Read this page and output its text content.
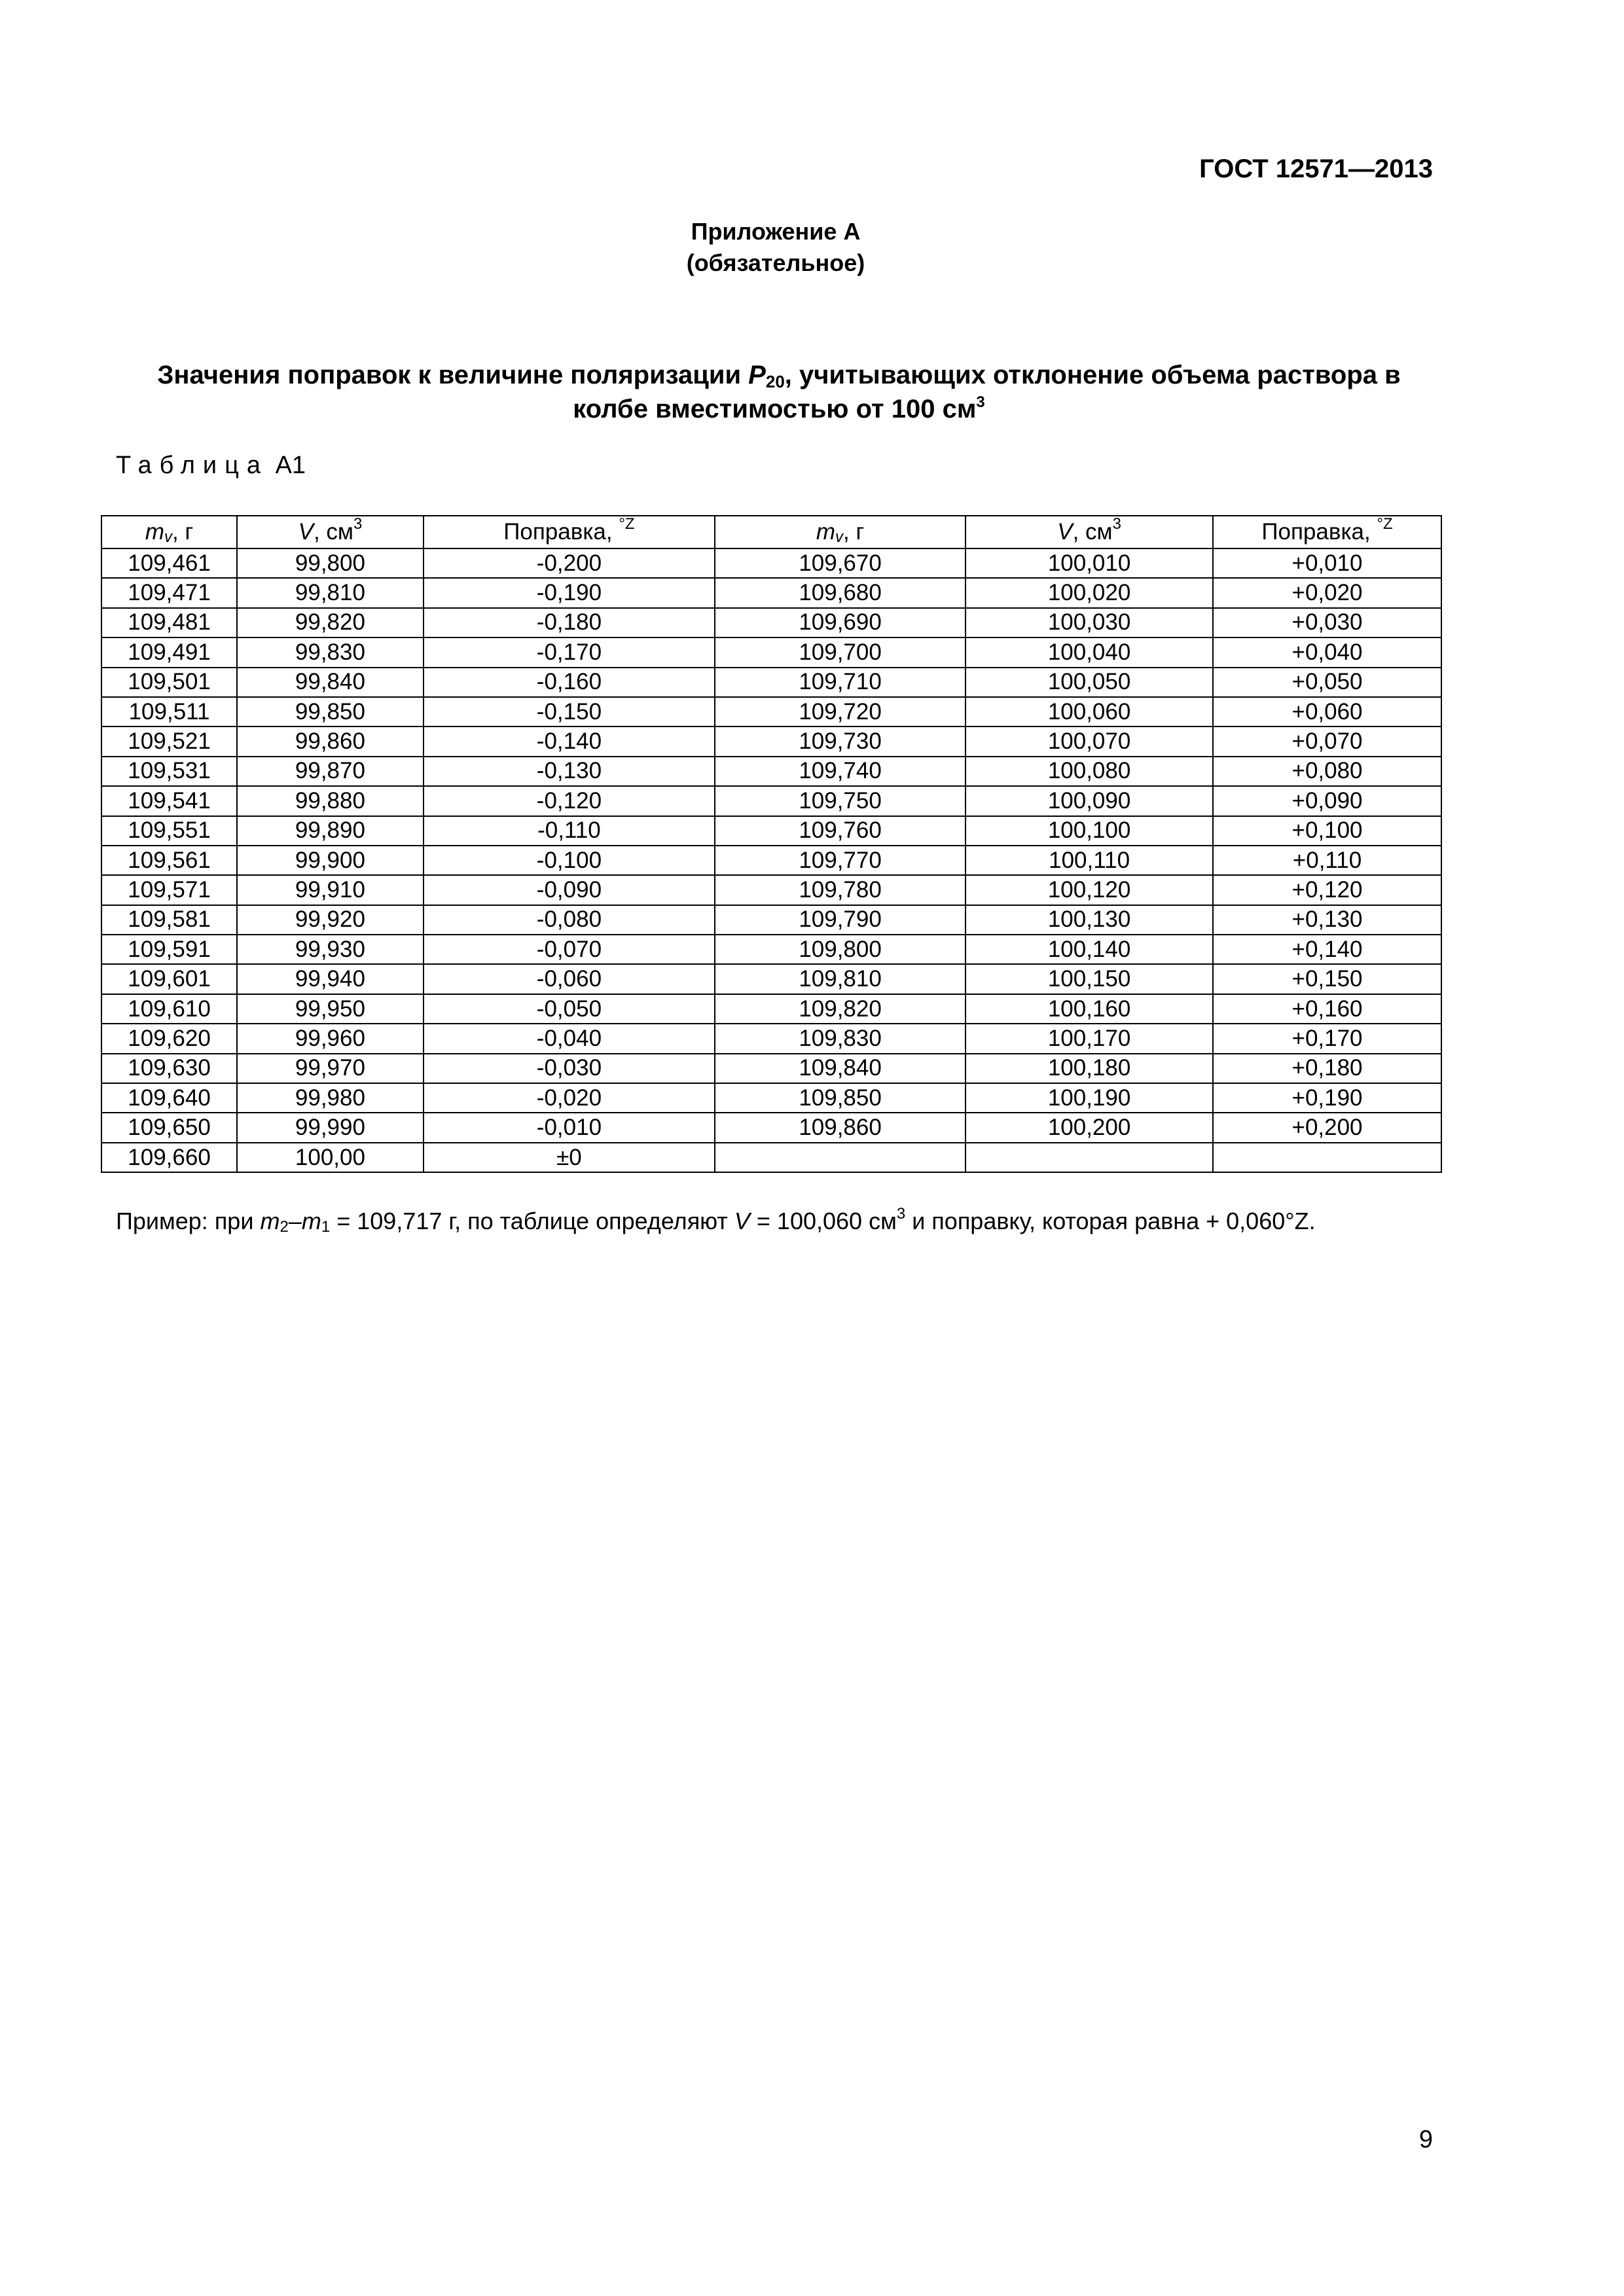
ГОСТ 12571—2013
Приложение А
(обязательное)
Значения поправок к величине поляризации $P_{20}$, учитывающих отклонение объема раствора в колбе вместимостью от 100 $см^3$
Таблица А1
$m_v$, г	V, $см^3$	Поправка, $^{^\circ Z}$	$m_v$, г	V, $см^3$	Поправка, $^{^\circ Z}$
109,461	99,800	-0,200	109,670	100,010	+0,010
109,471	99,810	-0,190	109,680	100,020	+0,020
109,481	99,820	-0,180	109,690	100,030	+0,030
109,491	99,830	-0,170	109,700	100,040	+0,040
109,501	99,840	-0,160	109,710	100,050	+0,050
109,511	99,850	-0,150	109,720	100,060	+0,060
109,521	99,860	-0,140	109,730	100,070	+0,070
109,531	99,870	-0,130	109,740	100,080	+0,080
109,541	99,880	-0,120	109,750	100,090	+0,090
109,551	99,890	-0,110	109,760	100,100	+0,100
109,561	99,900	-0,100	109,770	100,110	+0,110
109,571	99,910	-0,090	109,780	100,120	+0,120
109,581	99,920	-0,080	109,790	100,130	+0,130
109,591	99,930	-0,070	109,800	100,140	+0,140
109,601	99,940	-0,060	109,810	100,150	+0,150
109,610	99,950	-0,050	109,820	100,160	+0,160
109,620	99,960	-0,040	109,830	100,170	+0,170
109,630	99,970	-0,030	109,840	100,180	+0,180
109,640	99,980	-0,020	109,850	100,190	+0,190
109,650	99,990	-0,010	109,860	100,200	+0,200
109,660	100,00	±0			
Пример: при $m_2-m_1 = 109,717$ г, по таблице определяют V = 100,060 $см^3$ и поправку, которая равна + 0,060°Z.
9
